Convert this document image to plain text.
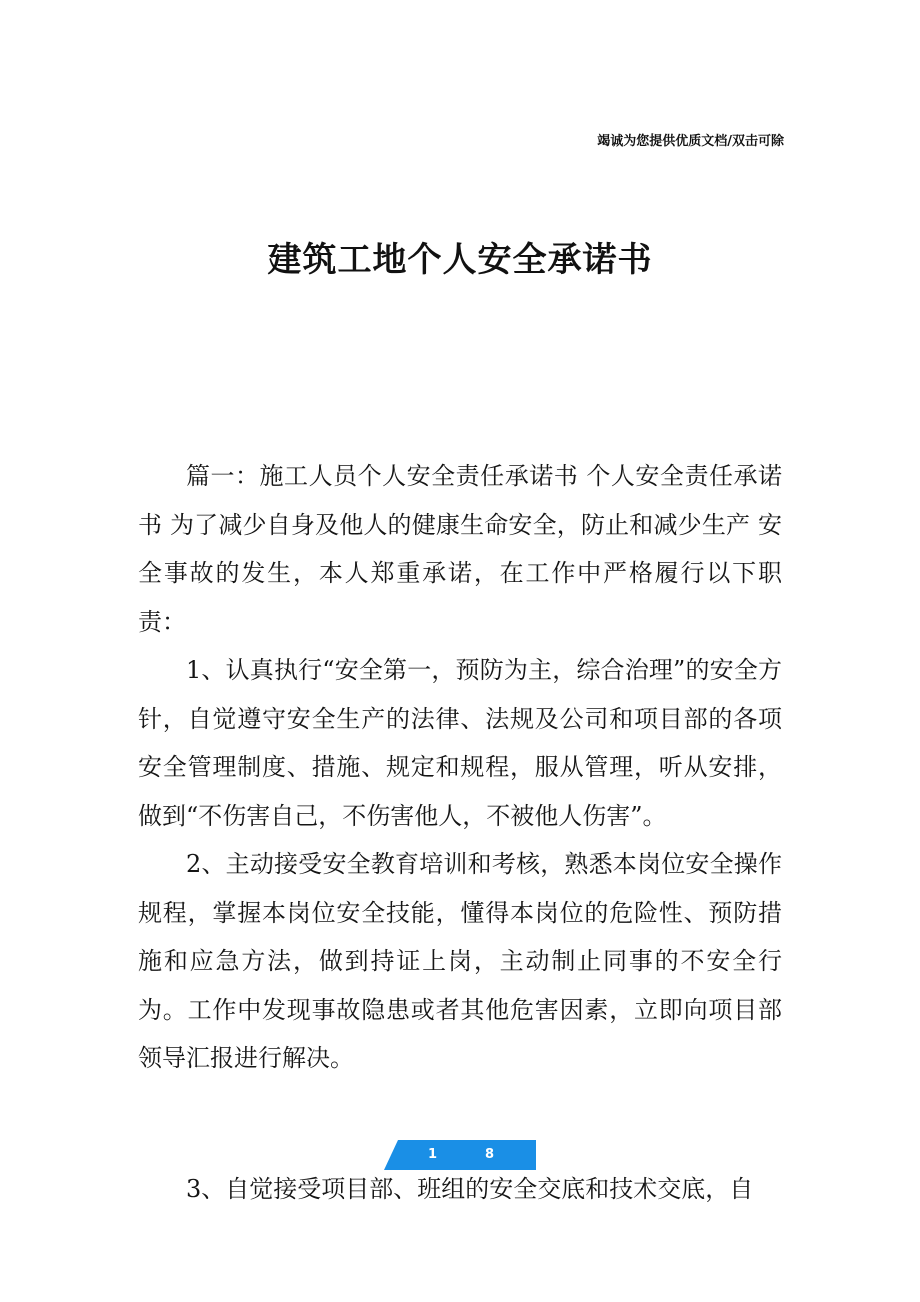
竭诚为您提供优质文档/双击可除
建筑工地个人安全承诺书

篇一：施工人员个人安全责任承诺书 个人安全责任承诺书 为了减少自身及他人的健康生命安全，防止和减少生产 安全事故的发生，本人郑重承诺，在工作中严格履行以下职 责：

1、认真执行“安全第一，预防为主，综合治理”的安全方针，自觉遵守安全生产的法律、法规及公司和项目部的各项安全管理制度、措施、规定和规程，服从管理，听从安排，做到“不伤害自己，不伤害他人，不被他人伤害”。

2、主动接受安全教育培训和考核，熟悉本岗位安全操作规程，掌握本岗位安全技能，懂得本岗位的危险性、预防措施和应急方法，做到持证上岗，主动制止同事的不安全行为。工作中发现事故隐患或者其他危害因素，立即向项目部领导汇报进行解决。

1	8

3、自觉接受项目部、班组的安全交底和技术交底，自
